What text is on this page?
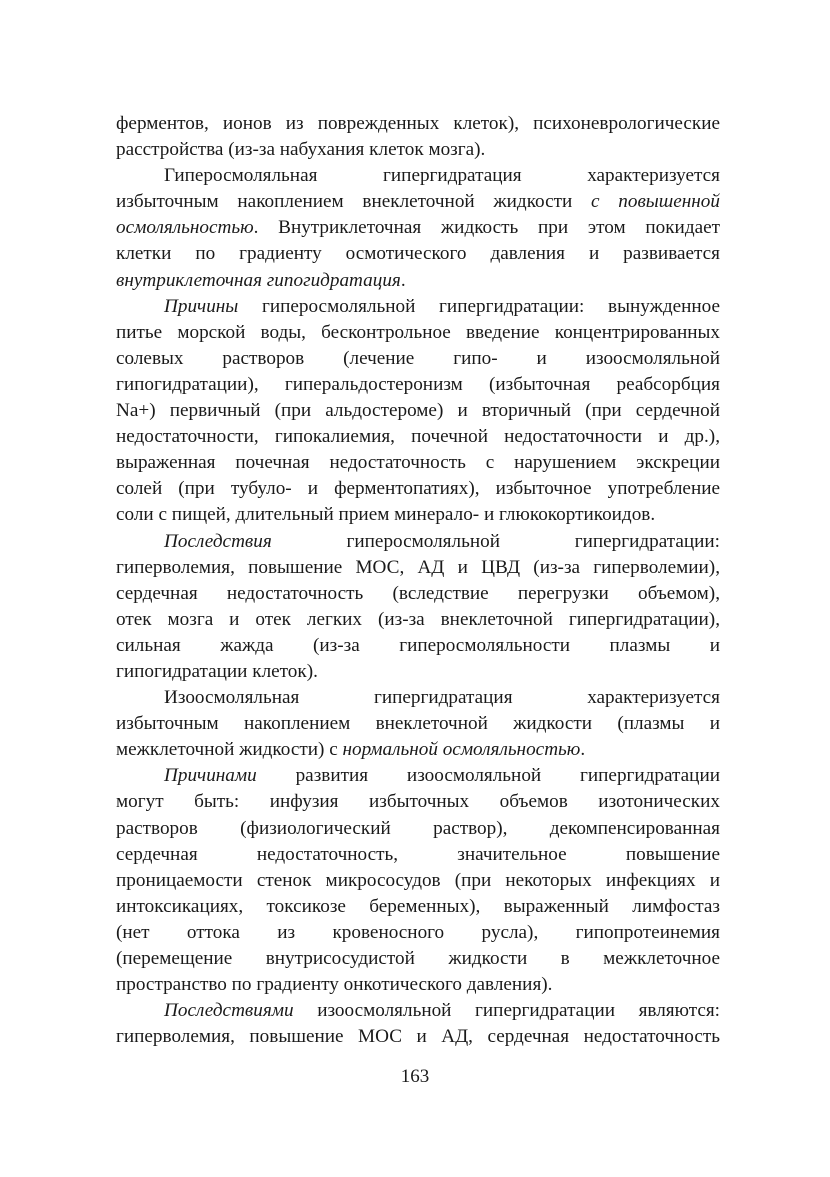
ферментов, ионов из поврежденных клеток), психоневрологические
расстройства (из-за набухания клеток мозга).
Гиперосмоляльная гипергидратация характеризуется
избыточным накоплением внеклеточной жидкости с повышенной
осмоляльностью. Внутриклеточная жидкость при этом покидает
клетки по градиенту осмотического давления и развивается
внутриклеточная гипогидратация.
Причины гиперосмоляльной гипергидратации: вынужденное
питье морской воды, бесконтрольное введение концентрированных
солевых растворов (лечение гипо- и изоосмоляльной
гипогидратации), гиперальдостеронизм (избыточная реабсорбция
Na+) первичный (при альдостероме) и вторичный (при сердечной
недостаточности, гипокалиемия, почечной недостаточности и др.),
выраженная почечная недостаточность с нарушением экскреции
солей (при тубуло- и ферментопатиях), избыточное употребление
соли с пищей, длительный прием минерало- и глюкокортикоидов.
Последствия гиперосмоляльной гипергидратации:
гиперволемия, повышение МОС, АД и ЦВД (из-за гиперволемии),
сердечная недостаточность (вследствие перегрузки объемом),
отек мозга и отек легких (из-за внеклеточной гипергидратации),
сильная жажда (из-за гиперосмоляльности плазмы и
гипогидратации клеток).
Изоосмоляльная гипергидратация характеризуется
избыточным накоплением внеклеточной жидкости (плазмы и
межклеточной жидкости) с нормальной осмоляльностью.
Причинами развития изоосмоляльной гипергидратации
могут быть: инфузия избыточных объемов изотонических
растворов (физиологический раствор), декомпенсированная
сердечная недостаточность, значительное повышение
проницаемости стенок микрососудов (при некоторых инфекциях и
интоксикациях, токсикозе беременных), выраженный лимфостаз
(нет оттока из кровеносного русла), гипопротеинемия
(перемещение внутрисосудистой жидкости в межклеточное
пространство по градиенту онкотического давления).
Последствиями изоосмоляльной гипергидратации являются:
гиперволемия, повышение МОС и АД, сердечная недостаточность
163
